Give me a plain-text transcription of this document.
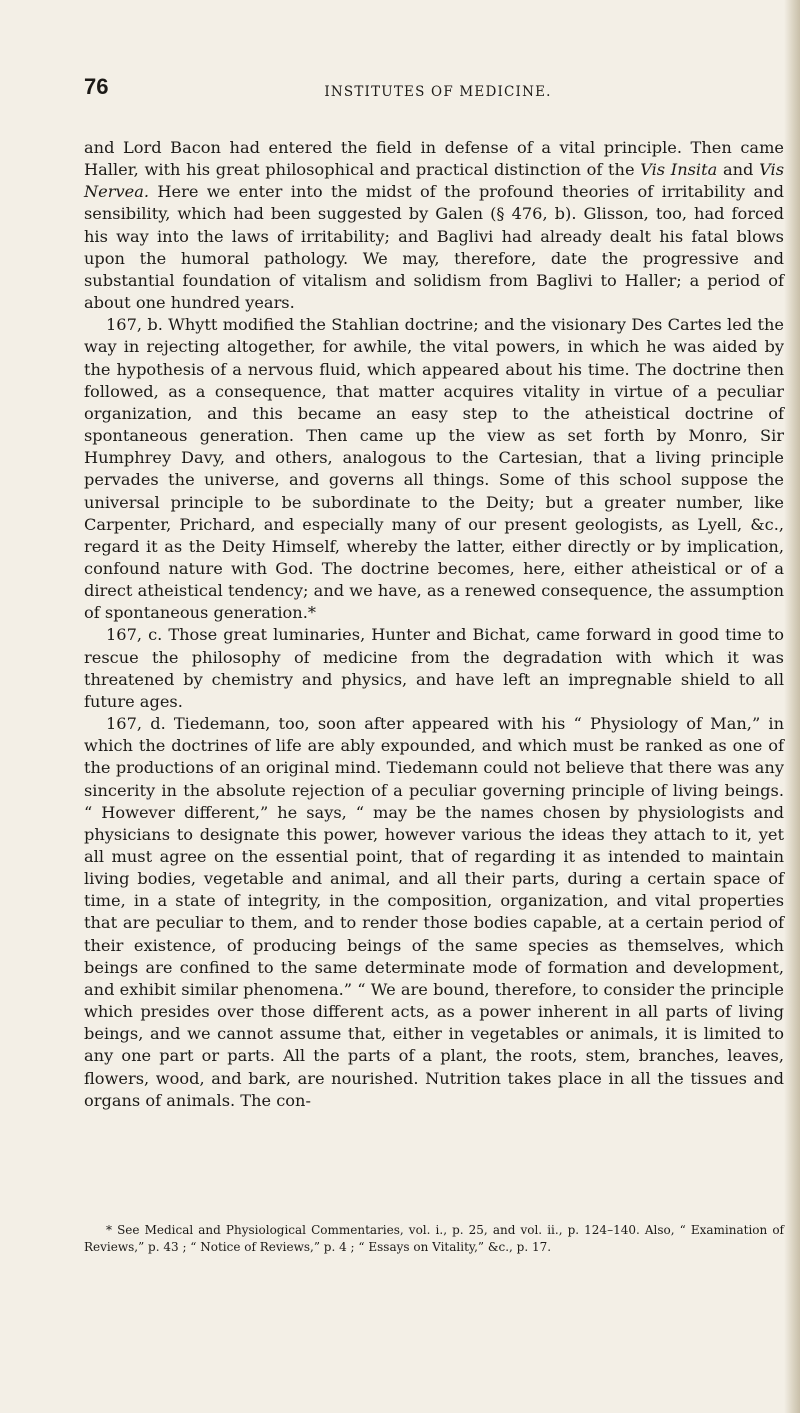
76	INSTITUTES OF MEDICINE.

and Lord Bacon had entered the field in defense of a vital principle. Then came Haller, with his great philosophical and practical distinction of the Vis Insita and Vis Nervea. Here we enter into the midst of the profound theories of irritability and sensibility, which had been suggested by Galen (§ 476, b). Glisson, too, had forced his way into the laws of irritability; and Baglivi had already dealt his fatal blows upon the humoral pathology. We may, therefore, date the progressive and substantial foundation of vitalism and solidism from Baglivi to Haller; a period of about one hundred years.

167, b. Whytt modified the Stahlian doctrine; and the visionary Des Cartes led the way in rejecting altogether, for awhile, the vital powers, in which he was aided by the hypothesis of a nervous fluid, which appeared about his time. The doctrine then followed, as a consequence, that matter acquires vitality in virtue of a peculiar organization, and this became an easy step to the atheistical doctrine of spontaneous generation. Then came up the view as set forth by Monro, Sir Humphrey Davy, and others, analogous to the Cartesian, that a living principle pervades the universe, and governs all things. Some of this school suppose the universal principle to be subordinate to the Deity; but a greater number, like Carpenter, Prichard, and especially many of our present geologists, as Lyell, &c., regard it as the Deity Himself, whereby the latter, either directly or by implication, confound nature with God. The doctrine becomes, here, either atheistical or of a direct atheistical tendency; and we have, as a renewed consequence, the assumption of spontaneous generation.*

167, c. Those great luminaries, Hunter and Bichat, came forward in good time to rescue the philosophy of medicine from the degradation with which it was threatened by chemistry and physics, and have left an impregnable shield to all future ages.

167, d. Tiedemann, too, soon after appeared with his “ Physiology of Man,” in which the doctrines of life are ably expounded, and which must be ranked as one of the productions of an original mind. Tiedemann could not believe that there was any sincerity in the absolute rejection of a peculiar governing principle of living beings. “ However different,” he says, “ may be the names chosen by physiologists and physicians to designate this power, however various the ideas they attach to it, yet all must agree on the essential point, that of regarding it as intended to maintain living bodies, vegetable and animal, and all their parts, during a certain space of time, in a state of integrity, in the composition, organization, and vital properties that are peculiar to them, and to render those bodies capable, at a certain period of their existence, of producing beings of the same species as themselves, which beings are confined to the same determinate mode of formation and development, and exhibit similar phenomena.” “ We are bound, therefore, to consider the principle which presides over those different acts, as a power inherent in all parts of living beings, and we cannot assume that, either in vegetables or animals, it is limited to any one part or parts. All the parts of a plant, the roots, stem, branches, leaves, flowers, wood, and bark, are nourished. Nutrition takes place in all the tissues and organs of animals. The con-

* See Medical and Physiological Commentaries, vol. i., p. 25, and vol. ii., p. 124–140. Also, “ Examination of Reviews,” p. 43 ; “ Notice of Reviews,” p. 4 ; “ Essays on Vitality,” &c., p. 17.
